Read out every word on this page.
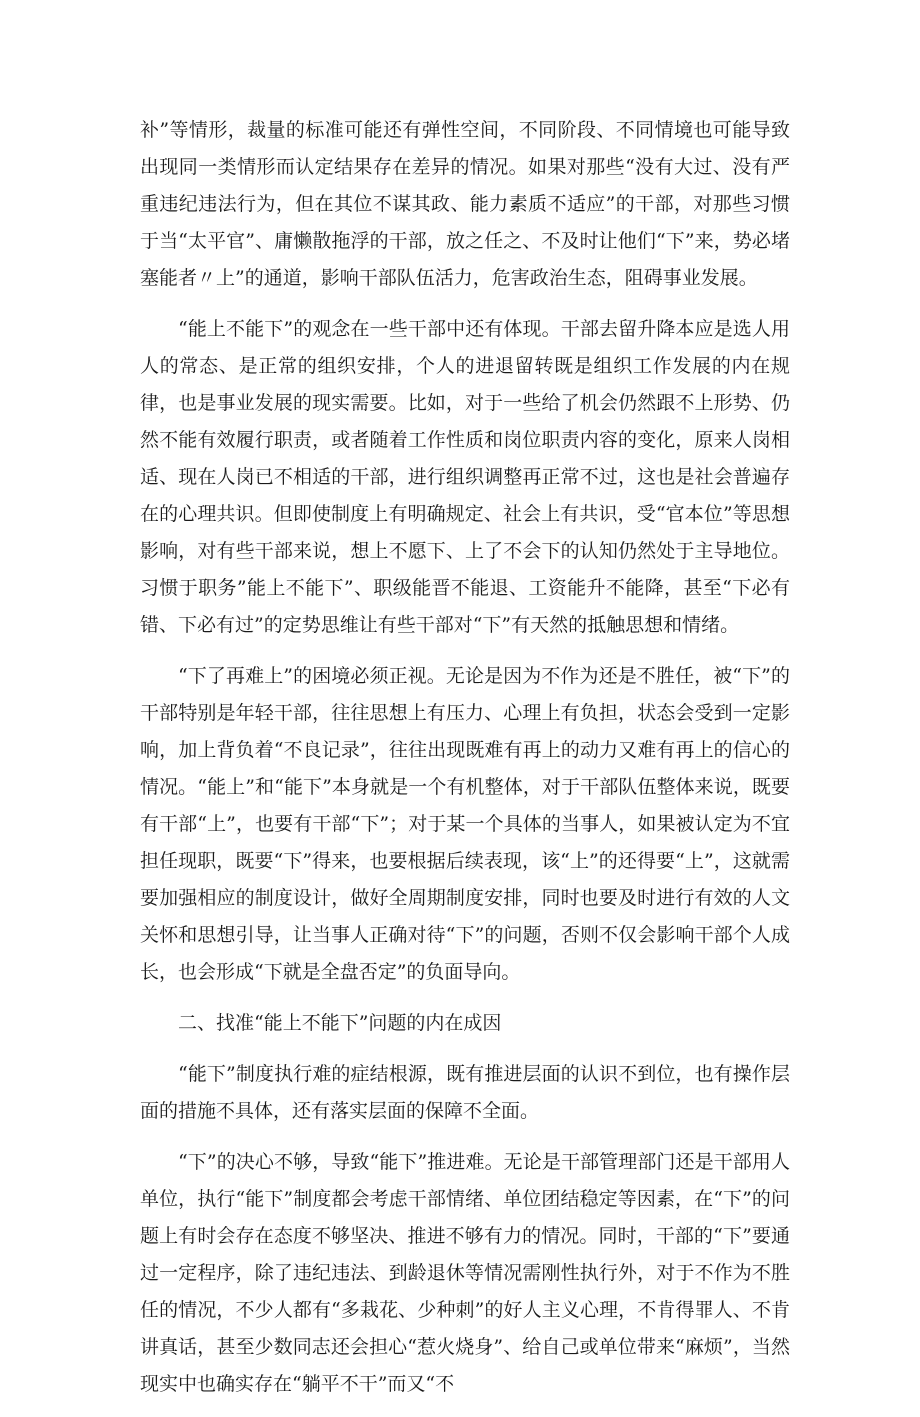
补”等情形，裁量的标准可能还有弹性空间，不同阶段、不同情境也可能导致出现同一类情形而认定结果存在差异的情况。如果对那些“没有大过、没有严重违纪违法行为，但在其位不谋其政、能力素质不适应”的干部，对那些习惯于当“太平官”、庸懒散拖浮的干部，放之任之、不及时让他们“下”来，势必堵塞能者〃上”的通道，影响干部队伍活力，危害政治生态，阻碍事业发展。

“能上不能下”的观念在一些干部中还有体现。干部去留升降本应是选人用人的常态、是正常的组织安排，个人的进退留转既是组织工作发展的内在规律，也是事业发展的现实需要。比如，对于一些给了机会仍然跟不上形势、仍然不能有效履行职责，或者随着工作性质和岗位职责内容的变化，原来人岗相适、现在人岗已不相适的干部，进行组织调整再正常不过，这也是社会普遍存在的心理共识。但即使制度上有明确规定、社会上有共识，受“官本位”等思想影响，对有些干部来说，想上不愿下、上了不会下的认知仍然处于主导地位。习惯于职务”能上不能下”、职级能晋不能退、工资能升不能降，甚至“下必有错、下必有过”的定势思维让有些干部对“下”有天然的抵触思想和情绪。

“下了再难上”的困境必须正视。无论是因为不作为还是不胜任，被“下”的干部特别是年轻干部，往往思想上有压力、心理上有负担，状态会受到一定影响，加上背负着“不良记录”，往往出现既难有再上的动力又难有再上的信心的情况。“能上”和“能下”本身就是一个有机整体，对于干部队伍整体来说，既要有干部“上”，也要有干部“下”；对于某一个具体的当事人，如果被认定为不宜担任现职，既要“下”得来，也要根据后续表现，该“上”的还得要“上”，这就需要加强相应的制度设计，做好全周期制度安排，同时也要及时进行有效的人文关怀和思想引导，让当事人正确对待“下”的问题，否则不仅会影响干部个人成长，也会形成“下就是全盘否定”的负面导向。

二、找准“能上不能下”问题的内在成因

“能下”制度执行难的症结根源，既有推进层面的认识不到位，也有操作层面的措施不具体，还有落实层面的保障不全面。

“下”的决心不够，导致“能下”推进难。无论是干部管理部门还是干部用人单位，执行“能下”制度都会考虑干部情绪、单位团结稳定等因素，在“下”的问题上有时会存在态度不够坚决、推进不够有力的情况。同时，干部的“下”要通过一定程序，除了违纪违法、到龄退休等情况需刚性执行外，对于不作为不胜任的情况，不少人都有“多栽花、少种刺”的好人主义心理，不肯得罪人、不肯讲真话，甚至少数同志还会担心“惹火烧身”、给自己或单位带来“麻烦”，当然现实中也确实存在“躺平不干”而又“不
